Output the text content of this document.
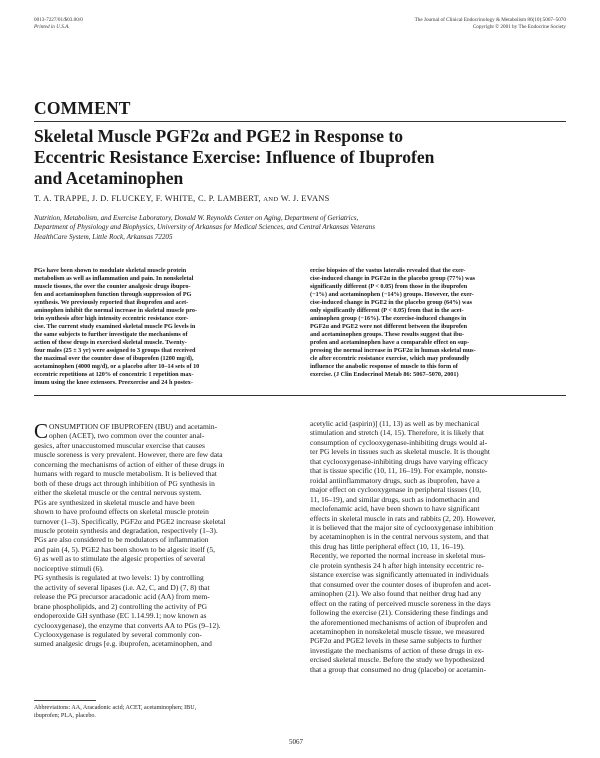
0013-7227/01/$03.00/0
Printed in U.S.A.
The Journal of Clinical Endocrinology & Metabolism 86(10):5067–5070
Copyright © 2001 by The Endocrine Society
COMMENT
Skeletal Muscle PGF2α and PGE2 in Response to
Eccentric Resistance Exercise: Influence of Ibuprofen
and Acetaminophen
T. A. TRAPPE, J. D. FLUCKEY, F. WHITE, C. P. LAMBERT, AND W. J. EVANS
Nutrition, Metabolism, and Exercise Laboratory, Donald W. Reynolds Center on Aging, Department of Geriatrics,
Department of Physiology and Biophysics, University of Arkansas for Medical Sciences, and Central Arkansas Veterans
HealthCare System, Little Rock, Arkansas 72205
PGs have been shown to modulate skeletal muscle protein
metabolism as well as inflammation and pain. In nonskeletal
muscle tissues, the over the counter analgesic drugs ibupro-
fen and acetaminophen function through suppression of PG
synthesis. We previously reported that ibuprofen and acet-
aminophen inhibit the normal increase in skeletal muscle pro-
tein synthesis after high intensity eccentric resistance exer-
cise. The current study examined skeletal muscle PG levels in
the same subjects to further investigate the mechanisms of
action of these drugs in exercised skeletal muscle. Twenty-
four males (25 ± 3 yr) were assigned to 3 groups that received
the maximal over the counter dose of ibuprofen (1200 mg/d),
acetaminophen (4000 mg/d), or a placebo after 10–14 sets of 10
eccentric repetitions at 120% of concentric 1 repetition max-
imum using the knee extensors. Preexercise and 24 h postex-
ercise biopsies of the vastus lateralis revealed that the exer-
cise-induced change in PGF2α in the placebo group (77%) was
significantly different (P < 0.05) from those in the ibuprofen
(−1%) and acetaminophen (−14%) groups. However, the exer-
cise-induced change in PGE2 in the placebo group (64%) was
only significantly different (P < 0.05) from that in the acet-
aminophen group (−16%). The exercise-induced changes in
PGF2α and PGE2 were not different between the ibuprofen
and acetaminophen groups. These results suggest that ibu-
profen and acetaminophen have a comparable effect on sup-
pressing the normal increase in PGF2α in human skeletal mus-
cle after eccentric resistance exercise, which may profoundly
influence the anabolic response of muscle to this form of
exercise. (J Clin Endocrinol Metab 86: 5067–5070, 2001)
C ONSUMPTION OF IBUPROFEN (IBU) and acetamin-
ophen (ACET), two common over the counter anal-
gesics, after unaccustomed muscular exercise that causes
muscle soreness is very prevalent. However, there are few data
concerning the mechanisms of action of either of these drugs in
humans with regard to muscle metabolism. It is believed that
both of these drugs act through inhibition of PG synthesis in
either the skeletal muscle or the central nervous system.
PGs are synthesized in skeletal muscle and have been
shown to have profound effects on skeletal muscle protein
turnover (1–3). Specifically, PGF2α and PGE2 increase skeletal
muscle protein synthesis and degradation, respectively (1–3).
PGs are also considered to be modulators of inflammation
and pain (4, 5). PGE2 has been shown to be algesic itself (5,
6) as well as to stimulate the algesic properties of several
nociceptive stimuli (6).
PG synthesis is regulated at two levels: 1) by controlling
the activity of several lipases (i.e. A2, C, and D) (7, 8) that
release the PG precursor aracadonic acid (AA) from mem-
brane phospholipids, and 2) controlling the activity of PG
endoperoxide GH synthase (EC 1.14.99.1; now known as
cyclooxygenase), the enzyme that converts AA to PGs (9–12).
Cyclooxygenase is regulated by several commonly con-
sumed analgesic drugs [e.g. ibuprofen, acetaminophen, and
acetylic acid (aspirin)] (11, 13) as well as by mechanical
stimulation and stretch (14, 15). Therefore, it is likely that
consumption of cyclooxygenase-inhibiting drugs would al-
ter PG levels in tissues such as skeletal muscle. It is thought
that cyclooxygenase-inhibiting drugs have varying efficacy
that is tissue specific (10, 11, 16–19). For example, nonste-
roidal antiinflammatory drugs, such as ibuprofen, have a
major effect on cyclooxygenase in peripheral tissues (10,
11, 16–19), and similar drugs, such as indomethacin and
meclofenamic acid, have been shown to have significant
effects in skeletal muscle in rats and rabbits (2, 20). However,
it is believed that the major site of cyclooxygenase inhibition
by acetaminophen is in the central nervous system, and that
this drug has little peripheral effect (10, 11, 16–19).
Recently, we reported the normal increase in skeletal mus-
cle protein synthesis 24 h after high intensity eccentric re-
sistance exercise was significantly attenuated in individuals
that consumed over the counter doses of ibuprofen and acet-
aminophen (21). We also found that neither drug had any
effect on the rating of perceived muscle soreness in the days
following the exercise (21). Considering these findings and
the aforementioned mechanisms of action of ibuprofen and
acetaminophen in nonskeletal muscle tissue, we measured
PGF2α and PGE2 levels in these same subjects to further
investigate the mechanisms of action of these drugs in ex-
ercised skeletal muscle. Before the study we hypothesized
that a group that consumed no drug (placebo) or acetamin-
Abbreviations: AA, Aracadonic acid; ACET, acetaminophen; IBU,
ibuprofen; PLA, placebo.
5067
